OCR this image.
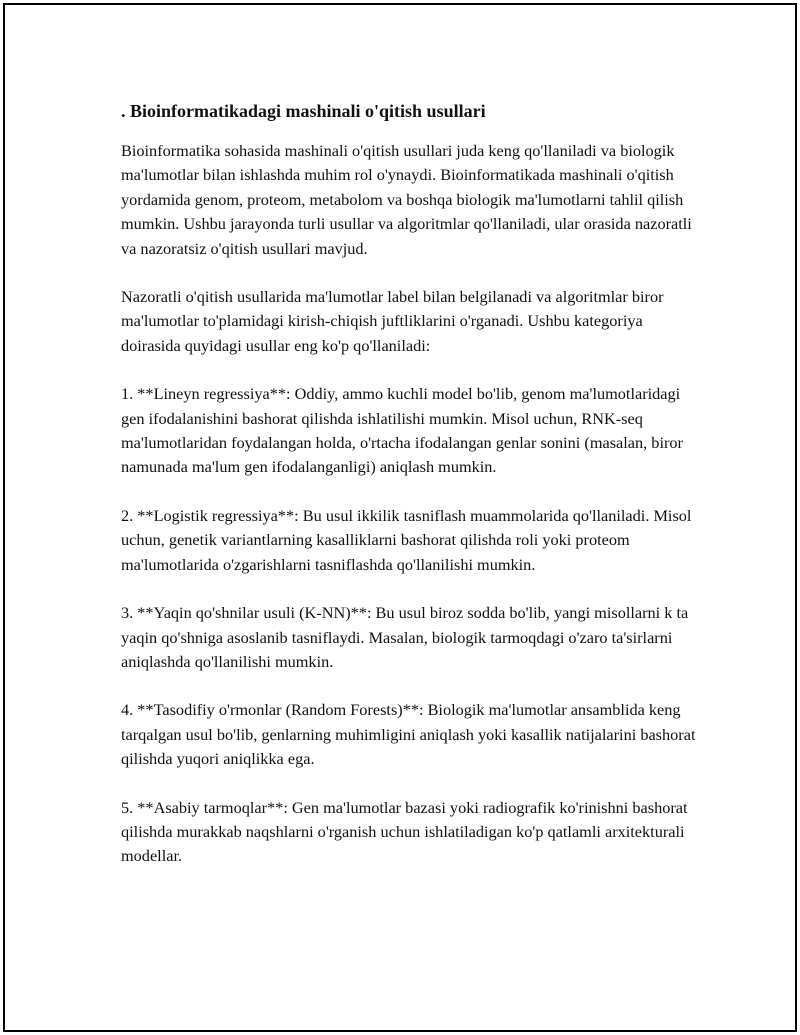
. Bioinformatikadagi mashinali o'qitish usullari

Bioinformatika sohasida mashinali o'qitish usullari juda keng qo'llaniladi va biologik ma'lumotlar bilan ishlashda muhim rol o'ynaydi. Bioinformatikada mashinali o'qitish yordamida genom, proteom, metabolom va boshqa biologik ma'lumotlarni tahlil qilish mumkin. Ushbu jarayonda turli usullar va algoritmlar qo'llaniladi, ular orasida nazoratli va nazoratsiz o'qitish usullari mavjud.

Nazoratli o'qitish usullarida ma'lumotlar label bilan belgilanadi va algoritmlar biror ma'lumotlar to'plamidagi kirish-chiqish juftliklarini o'rganadi. Ushbu kategoriya doirasida quyidagi usullar eng ko'p qo'llaniladi:

1. **Lineyn regressiya**: Oddiy, ammo kuchli model bo'lib, genom ma'lumotlaridagi gen ifodalanishini bashorat qilishda ishlatilishi mumkin. Misol uchun, RNK-seq ma'lumotlaridan foydalangan holda, o'rtacha ifodalangan genlar sonini (masalan, biror namunada ma'lum gen ifodalanganligi) aniqlash mumkin.

2. **Logistik regressiya**: Bu usul ikkilik tasniflash muammolarida qo'llaniladi. Misol uchun, genetik variantlarning kasalliklarni bashorat qilishda roli yoki proteom ma'lumotlarida o'zgarishlarni tasniflashda qo'llanilishi mumkin.

3. **Yaqin qo'shnilar usuli (K-NN)**: Bu usul biroz sodda bo'lib, yangi misollarni k ta yaqin qo'shniga asoslanib tasniflaydi. Masalan, biologik tarmoqdagi o'zaro ta'sirlarni aniqlashda qo'llanilishi mumkin.

4. **Tasodifiy o'rmonlar (Random Forests)**: Biologik ma'lumotlar ansamblida keng tarqalgan usul bo'lib, genlarning muhimligini aniqlash yoki kasallik natijalarini bashorat qilishda yuqori aniqlikka ega.

5. **Asabiy tarmoqlar**: Gen ma'lumotlar bazasi yoki radiografik ko'rinishni bashorat qilishda murakkab naqshlarni o'rganish uchun ishlatiladigan ko'p qatlamli arxitekturali modellar.
